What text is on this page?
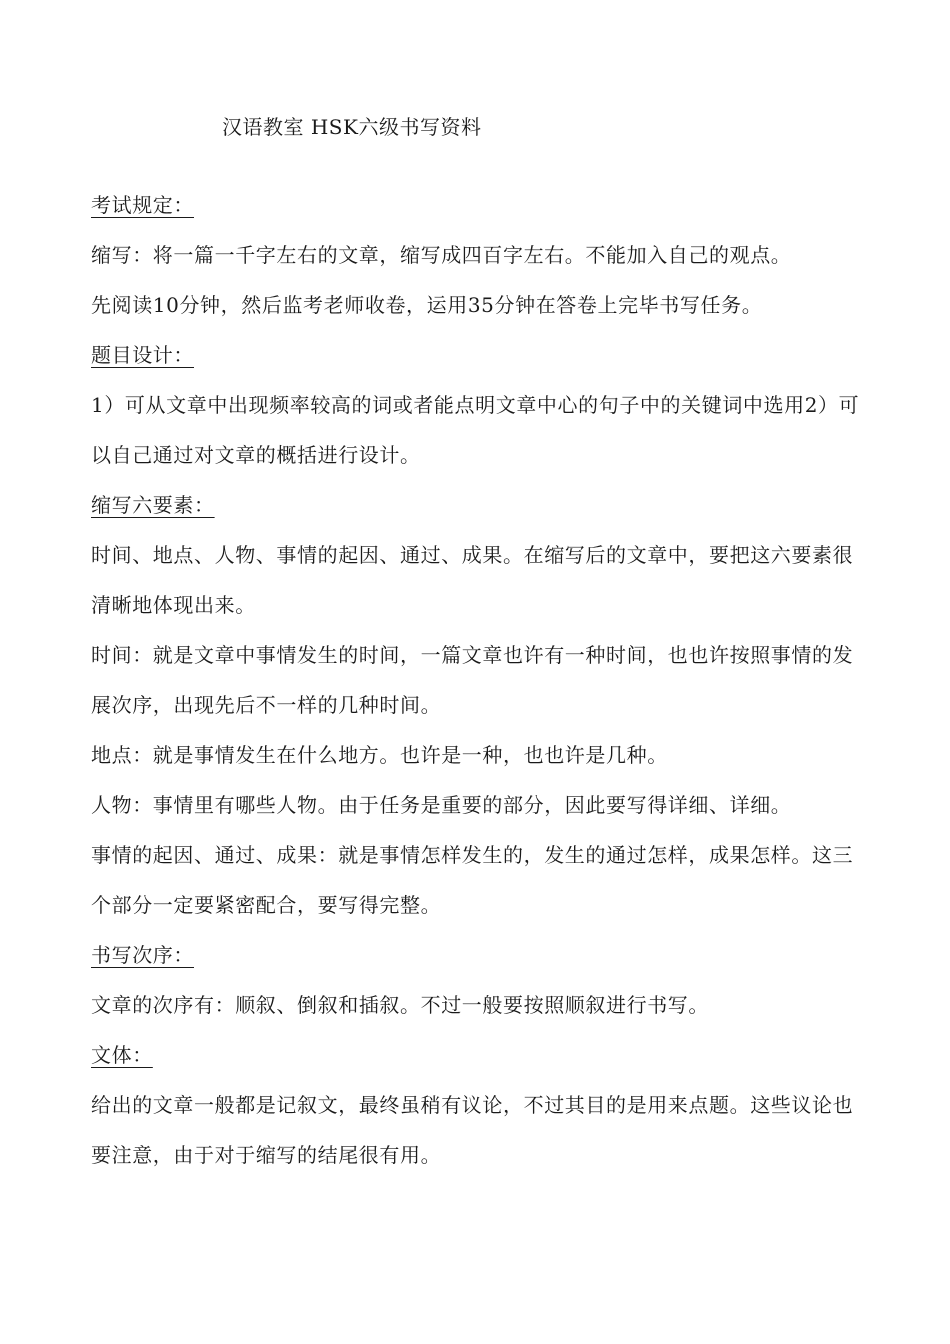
汉语教室 HSK六级书写资料

考试规定：

缩写：将一篇一千字左右的文章，缩写成四百字左右。不能加入自己的观点。

先阅读10分钟，然后监考老师收卷，运用35分钟在答卷上完毕书写任务。

题目设计：

1）可从文章中出现频率较高的词或者能点明文章中心的句子中的关键词中选用2）可以自己通过对文章的概括进行设计。

缩写六要素：

时间、地点、人物、事情的起因、通过、成果。在缩写后的文章中，要把这六要素很清晰地体现出来。

时间：就是文章中事情发生的时间，一篇文章也许有一种时间，也也许按照事情的发展次序，出现先后不一样的几种时间。

地点：就是事情发生在什么地方。也许是一种，也也许是几种。

人物：事情里有哪些人物。由于任务是重要的部分，因此要写得详细、详细。

事情的起因、通过、成果：就是事情怎样发生的，发生的通过怎样，成果怎样。这三个部分一定要紧密配合，要写得完整。

书写次序：

文章的次序有：顺叙、倒叙和插叙。不过一般要按照顺叙进行书写。

文体：

给出的文章一般都是记叙文，最终虽稍有议论，不过其目的是用来点题。这些议论也要注意，由于对于缩写的结尾很有用。
